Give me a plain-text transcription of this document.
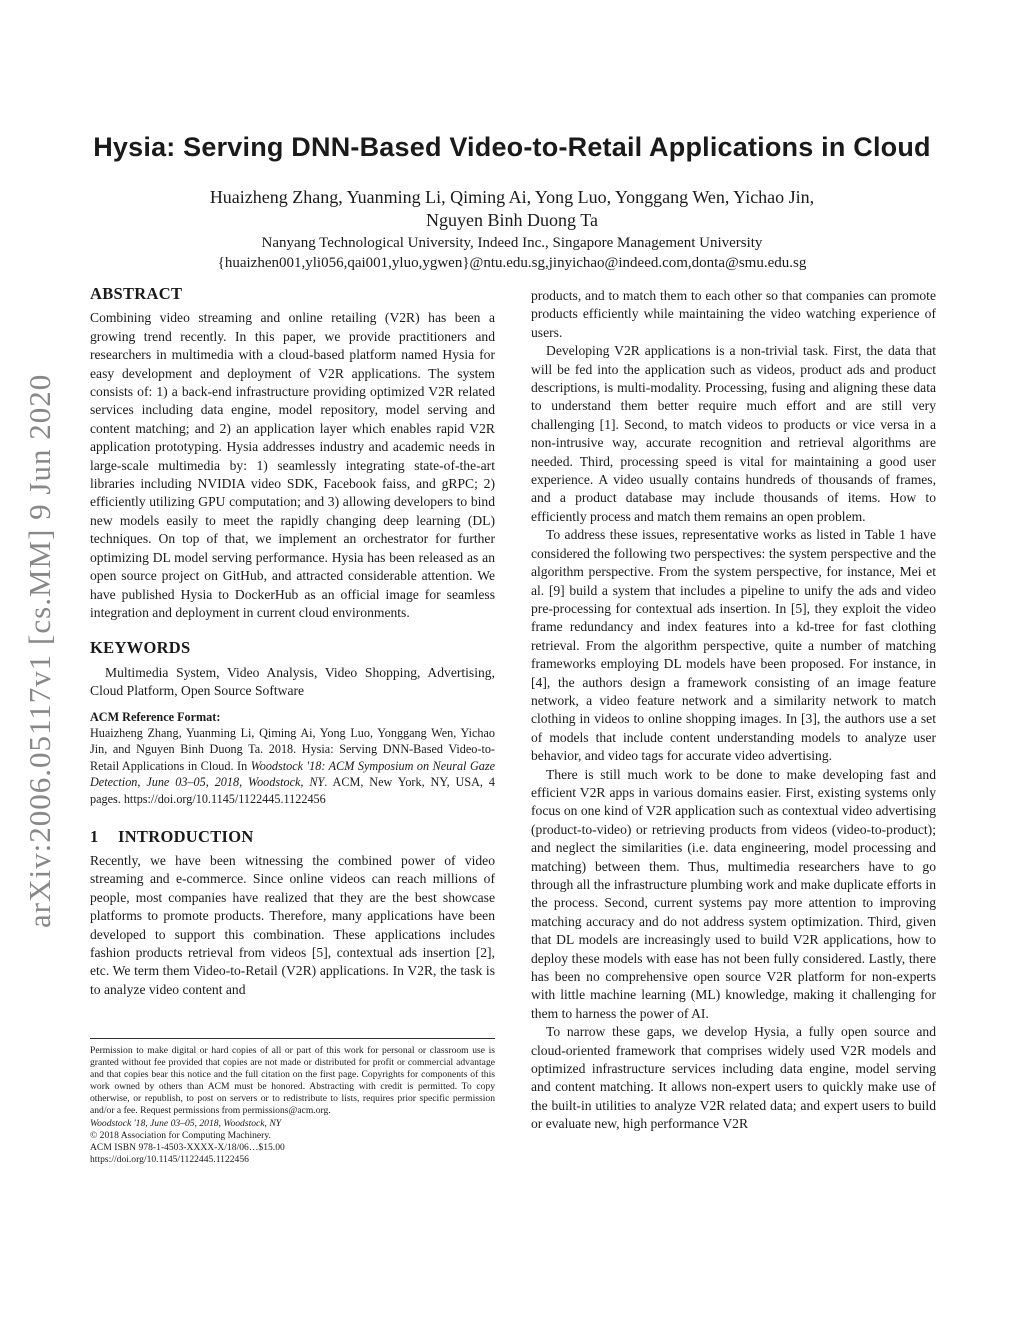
Hysia: Serving DNN-Based Video-to-Retail Applications in Cloud
Huaizheng Zhang, Yuanming Li, Qiming Ai, Yong Luo, Yonggang Wen, Yichao Jin,
Nguyen Binh Duong Ta
Nanyang Technological University, Indeed Inc., Singapore Management University
{huaizhen001,yli056,qai001,yluo,ygwen}@ntu.edu.sg,jinyichao@indeed.com,donta@smu.edu.sg
arXiv:2006.05117v1 [cs.MM] 9 Jun 2020
ABSTRACT

Combining video streaming and online retailing (V2R) has been a growing trend recently. In this paper, we provide practitioners and researchers in multimedia with a cloud-based platform named Hysia for easy development and deployment of V2R applications. The system consists of: 1) a back-end infrastructure providing optimized V2R related services including data engine, model repository, model serving and content matching; and 2) an application layer which enables rapid V2R application prototyping. Hysia addresses industry and academic needs in large-scale multimedia by: 1) seamlessly integrating state-of-the-art libraries including NVIDIA video SDK, Facebook faiss, and gRPC; 2) efficiently utilizing GPU computation; and 3) allowing developers to bind new models easily to meet the rapidly changing deep learning (DL) techniques. On top of that, we implement an orchestrator for further optimizing DL model serving performance. Hysia has been released as an open source project on GitHub, and attracted considerable attention. We have published Hysia to DockerHub as an official image for seamless integration and deployment in current cloud environments.

KEYWORDS

Multimedia System, Video Analysis, Video Shopping, Advertising, Cloud Platform, Open Source Software

ACM Reference Format:

Huaizheng Zhang, Yuanming Li, Qiming Ai, Yong Luo, Yonggang Wen, Yichao Jin, and Nguyen Binh Duong Ta. 2018. Hysia: Serving DNN-Based Video-to-Retail Applications in Cloud. In Woodstock '18: ACM Symposium on Neural Gaze Detection, June 03–05, 2018, Woodstock, NY. ACM, New York, NY, USA, 4 pages. https://doi.org/10.1145/1122445.1122456

1 INTRODUCTION

Recently, we have been witnessing the combined power of video streaming and e-commerce. Since online videos can reach millions of people, most companies have realized that they are the best showcase platforms to promote products. Therefore, many applications have been developed to support this combination. These applications includes fashion products retrieval from videos [5], contextual ads insertion [2], etc. We term them Video-to-Retail (V2R) applications. In V2R, the task is to analyze video content and

Permission to make digital or hard copies of all or part of this work for personal or classroom use is granted without fee provided that copies are not made or distributed for profit or commercial advantage and that copies bear this notice and the full citation on the first page. Copyrights for components of this work owned by others than ACM must be honored. Abstracting with credit is permitted. To copy otherwise, or republish, to post on servers or to redistribute to lists, requires prior specific permission and/or a fee. Request permissions from permissions@acm.org.
Woodstock '18, June 03–05, 2018, Woodstock, NY
© 2018 Association for Computing Machinery.
ACM ISBN 978-1-4503-XXXX-X/18/06…$15.00
https://doi.org/10.1145/1122445.1122456

products, and to match them to each other so that companies can promote products efficiently while maintaining the video watching experience of users.

Developing V2R applications is a non-trivial task. First, the data that will be fed into the application such as videos, product ads and product descriptions, is multi-modality. Processing, fusing and aligning these data to understand them better require much effort and are still very challenging [1]. Second, to match videos to products or vice versa in a non-intrusive way, accurate recognition and retrieval algorithms are needed. Third, processing speed is vital for maintaining a good user experience. A video usually contains hundreds of thousands of frames, and a product database may include thousands of items. How to efficiently process and match them remains an open problem.

To address these issues, representative works as listed in Table 1 have considered the following two perspectives: the system perspective and the algorithm perspective. From the system perspective, for instance, Mei et al. [9] build a system that includes a pipeline to unify the ads and video pre-processing for contextual ads insertion. In [5], they exploit the video frame redundancy and index features into a kd-tree for fast clothing retrieval. From the algorithm perspective, quite a number of matching frameworks employing DL models have been proposed. For instance, in [4], the authors design a framework consisting of an image feature network, a video feature network and a similarity network to match clothing in videos to online shopping images. In [3], the authors use a set of models that include content understanding models to analyze user behavior, and video tags for accurate video advertising.

There is still much work to be done to make developing fast and efficient V2R apps in various domains easier. First, existing systems only focus on one kind of V2R application such as contextual video advertising (product-to-video) or retrieving products from videos (video-to-product); and neglect the similarities (i.e. data engineering, model processing and matching) between them. Thus, multimedia researchers have to go through all the infrastructure plumbing work and make duplicate efforts in the process. Second, current systems pay more attention to improving matching accuracy and do not address system optimization. Third, given that DL models are increasingly used to build V2R applications, how to deploy these models with ease has not been fully considered. Lastly, there has been no comprehensive open source V2R platform for non-experts with little machine learning (ML) knowledge, making it challenging for them to harness the power of AI.

To narrow these gaps, we develop Hysia, a fully open source and cloud-oriented framework that comprises widely used V2R models and optimized infrastructure services including data engine, model serving and content matching. It allows non-expert users to quickly make use of the built-in utilities to analyze V2R related data; and expert users to build or evaluate new, high performance V2R
